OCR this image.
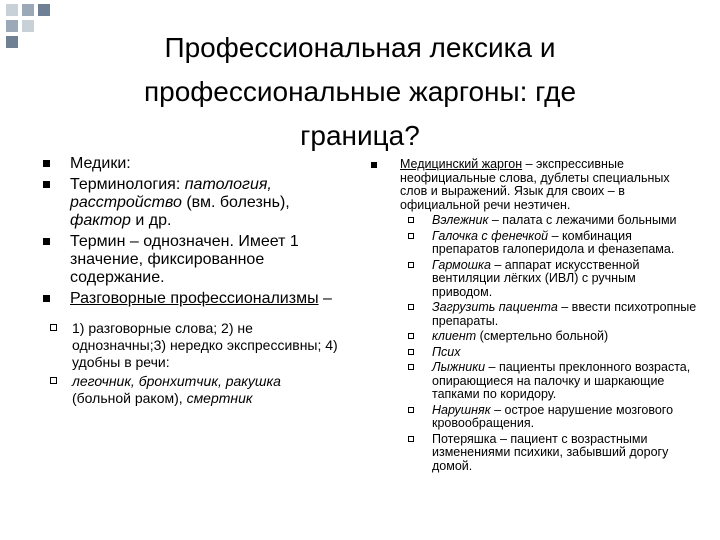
Профессиональная лексика и
профессиональные жаргоны: где
граница?
Медики:
Терминология: патология, расстройство (вм. болезнь), фактор и др.
Термин – однозначен. Имеет 1 значение, фиксированное содержание.
Разговорные профессионализмы –
1) разговорные слова; 2) не однозначны;3) нередко экспрессивны; 4) удобны в речи:
легочник, бронхитчик, ракушка (больной раком), смертник
Медицинский жаргон – экспрессивные неофициальные слова, дублеты специальных слов и выражений. Язык для своих – в официальной речи неэтичен.
Вэлежник – палата с лежачими больными
Галочка с фенечкой – комбинация препаратов галоперидола и феназепама.
Гармошка – аппарат искусственной вентиляции лёгких (ИВЛ) с ручным приводом.
Загрузить пациента – ввести психотропные препараты.
клиент (смертельно больной)
Псих
Лыжники – пациенты преклонного возраста, опирающиеся на палочку и шаркающие тапками по коридору.
Нарушняк – острое нарушение мозгового кровообращения.
Потеряшка – пациент с возрастными изменениями психики, забывший дорогу домой.
